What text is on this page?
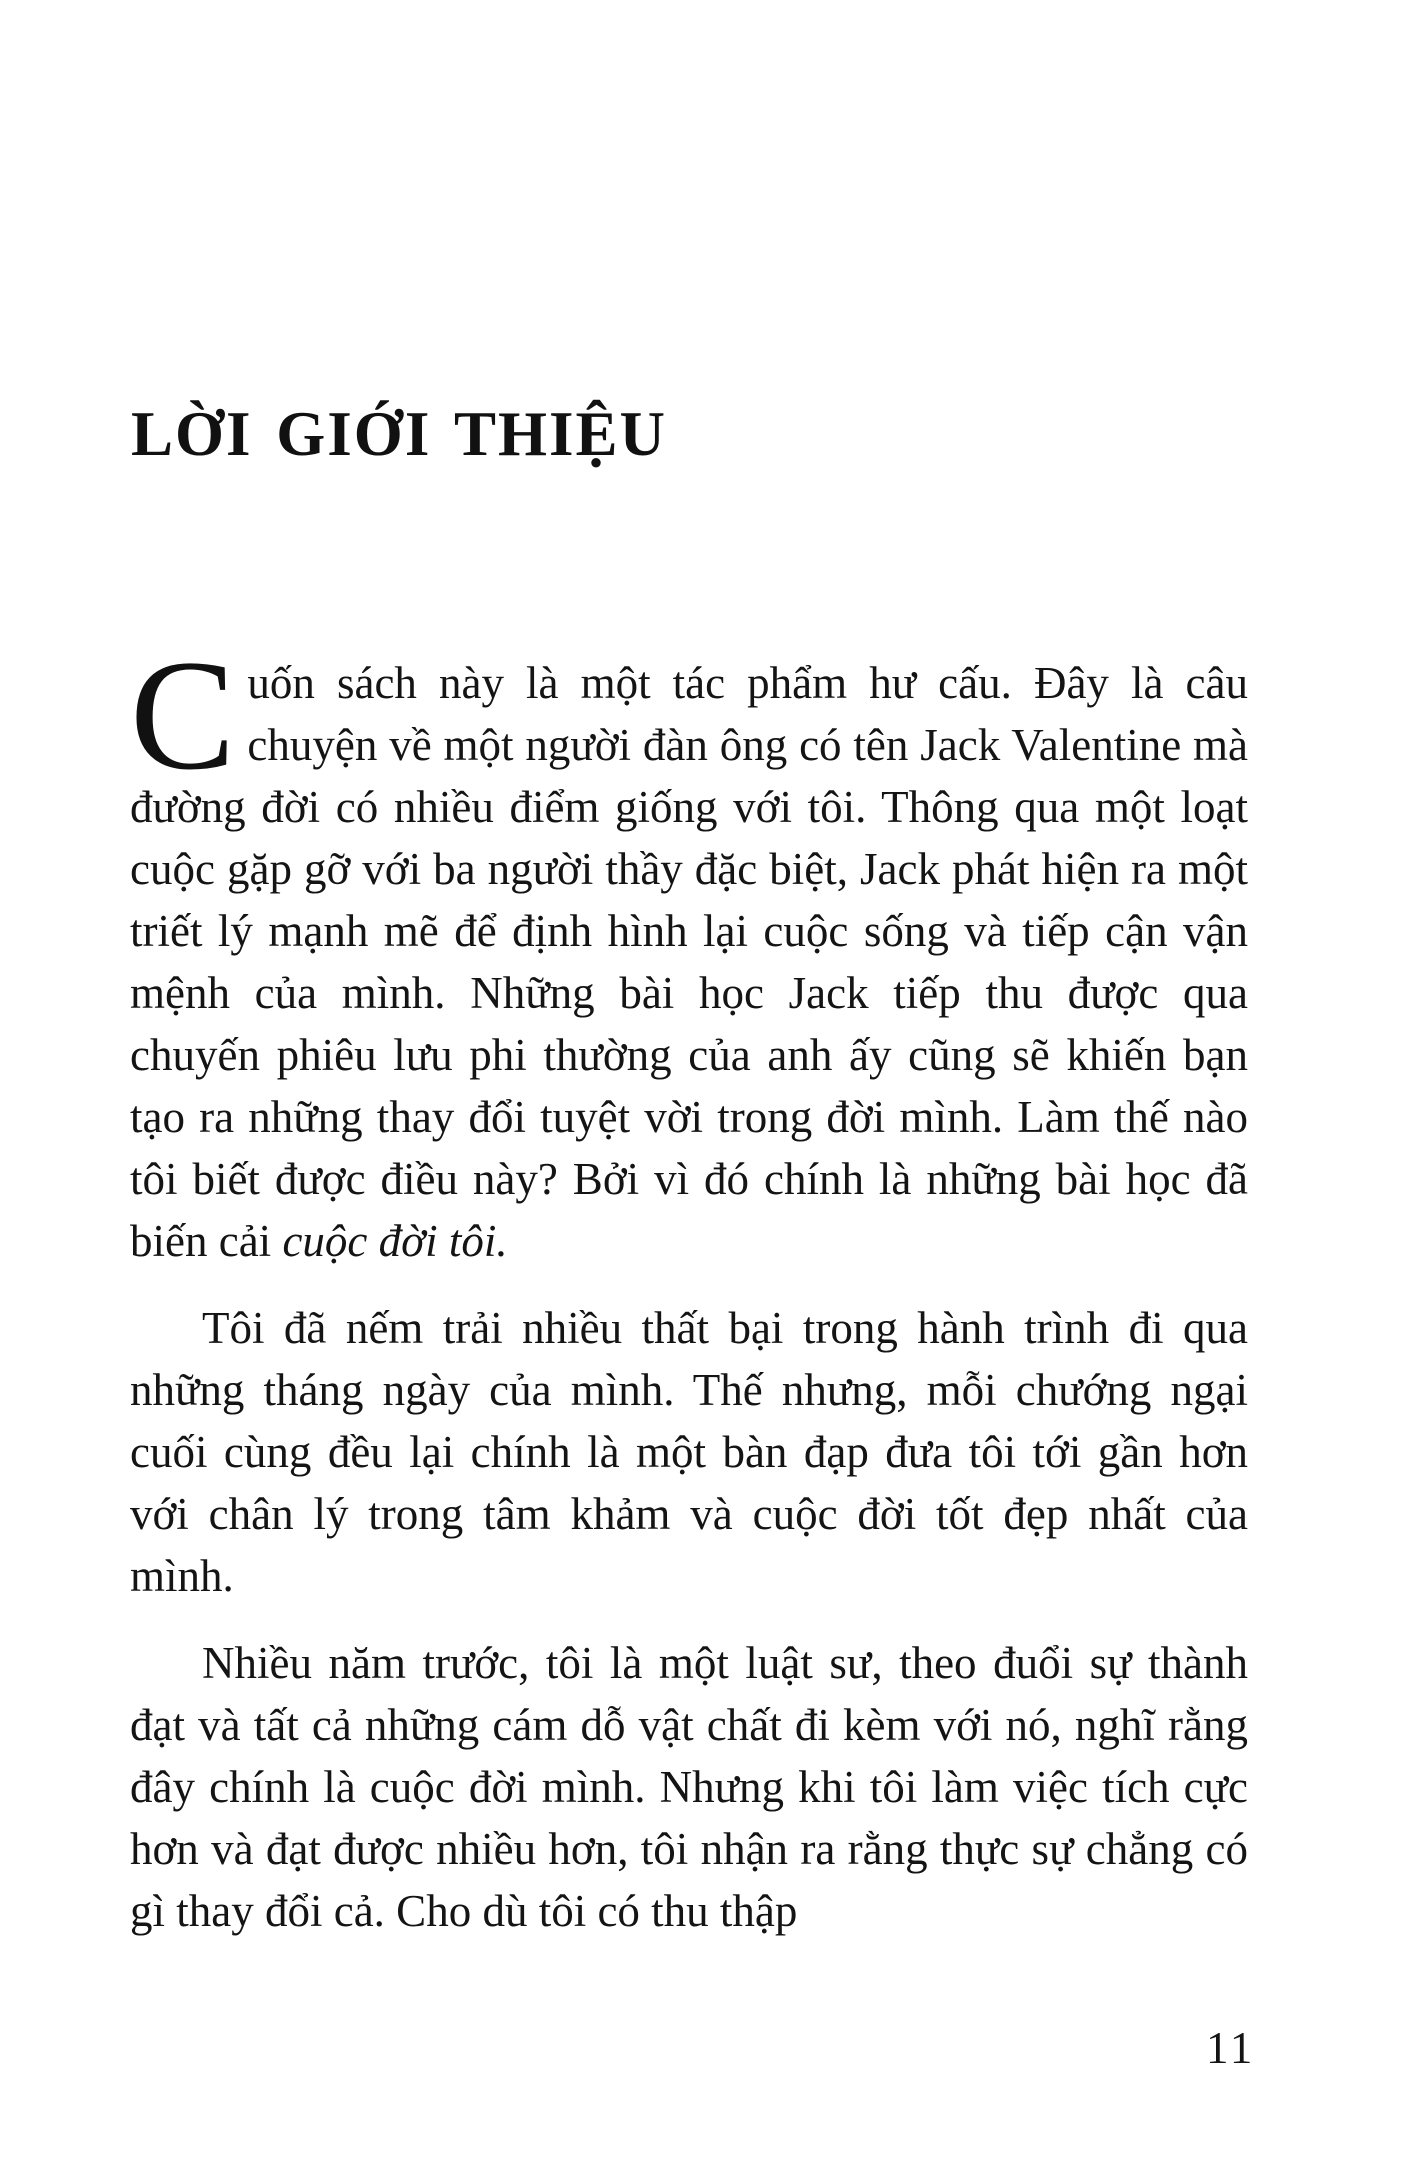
LỜI GIỚI THIỆU

Cuốn sách này là một tác phẩm hư cấu. Đây là câu chuyện về một người đàn ông có tên Jack Valentine mà đường đời có nhiều điểm giống với tôi. Thông qua một loạt cuộc gặp gỡ với ba người thầy đặc biệt, Jack phát hiện ra một triết lý mạnh mẽ để định hình lại cuộc sống và tiếp cận vận mệnh của mình. Những bài học Jack tiếp thu được qua chuyến phiêu lưu phi thường của anh ấy cũng sẽ khiến bạn tạo ra những thay đổi tuyệt vời trong đời mình. Làm thế nào tôi biết được điều này? Bởi vì đó chính là những bài học đã biến cải cuộc đời tôi.

Tôi đã nếm trải nhiều thất bại trong hành trình đi qua những tháng ngày của mình. Thế nhưng, mỗi chướng ngại cuối cùng đều lại chính là một bàn đạp đưa tôi tới gần hơn với chân lý trong tâm khảm và cuộc đời tốt đẹp nhất của mình.

Nhiều năm trước, tôi là một luật sư, theo đuổi sự thành đạt và tất cả những cám dỗ vật chất đi kèm với nó, nghĩ rằng đây chính là cuộc đời mình. Nhưng khi tôi làm việc tích cực hơn và đạt được nhiều hơn, tôi nhận ra rằng thực sự chẳng có gì thay đổi cả. Cho dù tôi có thu thập

11
